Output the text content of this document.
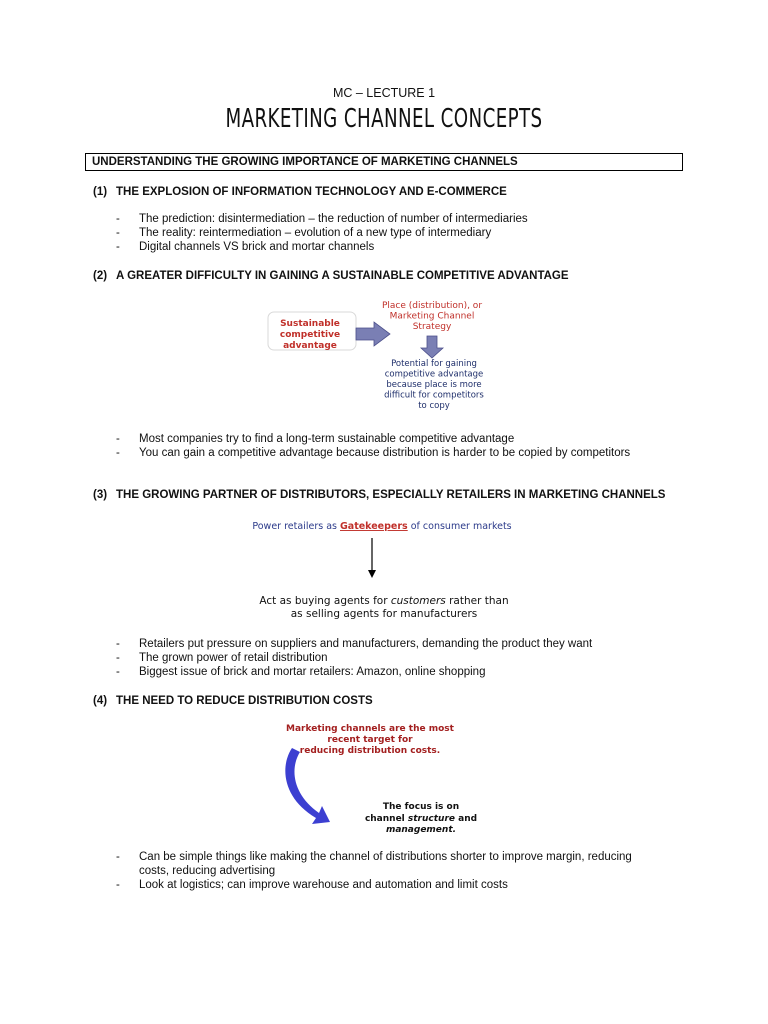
MC – LECTURE 1
MARKETING CHANNEL CONCEPTS
UNDERSTANDING THE GROWING IMPORTANCE OF MARKETING CHANNELS
(1) THE EXPLOSION OF INFORMATION TECHNOLOGY AND E-COMMERCE
- The prediction: disintermediation – the reduction of number of intermediaries
- The reality: reintermediation – evolution of a new type of intermediary
- Digital channels VS brick and mortar channels
(2) A GREATER DIFFICULTY IN GAINING A SUSTAINABLE COMPETITIVE ADVANTAGE
Sustainable competitive advantage
Place (distribution), or Marketing Channel Strategy
Potential for gaining competitive advantage because place is more difficult for competitors to copy
- Most companies try to find a long-term sustainable competitive advantage
- You can gain a competitive advantage because distribution is harder to be copied by competitors
(3) THE GROWING PARTNER OF DISTRIBUTORS, ESPECIALLY RETAILERS IN MARKETING CHANNELS
Power retailers as Gatekeepers of consumer markets
Act as buying agents for customers rather than
as selling agents for manufacturers
- Retailers put pressure on suppliers and manufacturers, demanding the product they want
- The grown power of retail distribution
- Biggest issue of brick and mortar retailers: Amazon, online shopping
(4) THE NEED TO REDUCE DISTRIBUTION COSTS
Marketing channels are the most recent target for reducing distribution costs.
The focus is on
channel structure and
management.
- Can be simple things like making the channel of distributions shorter to improve margin, reducing costs, reducing advertising
- Look at logistics; can improve warehouse and automation and limit costs
